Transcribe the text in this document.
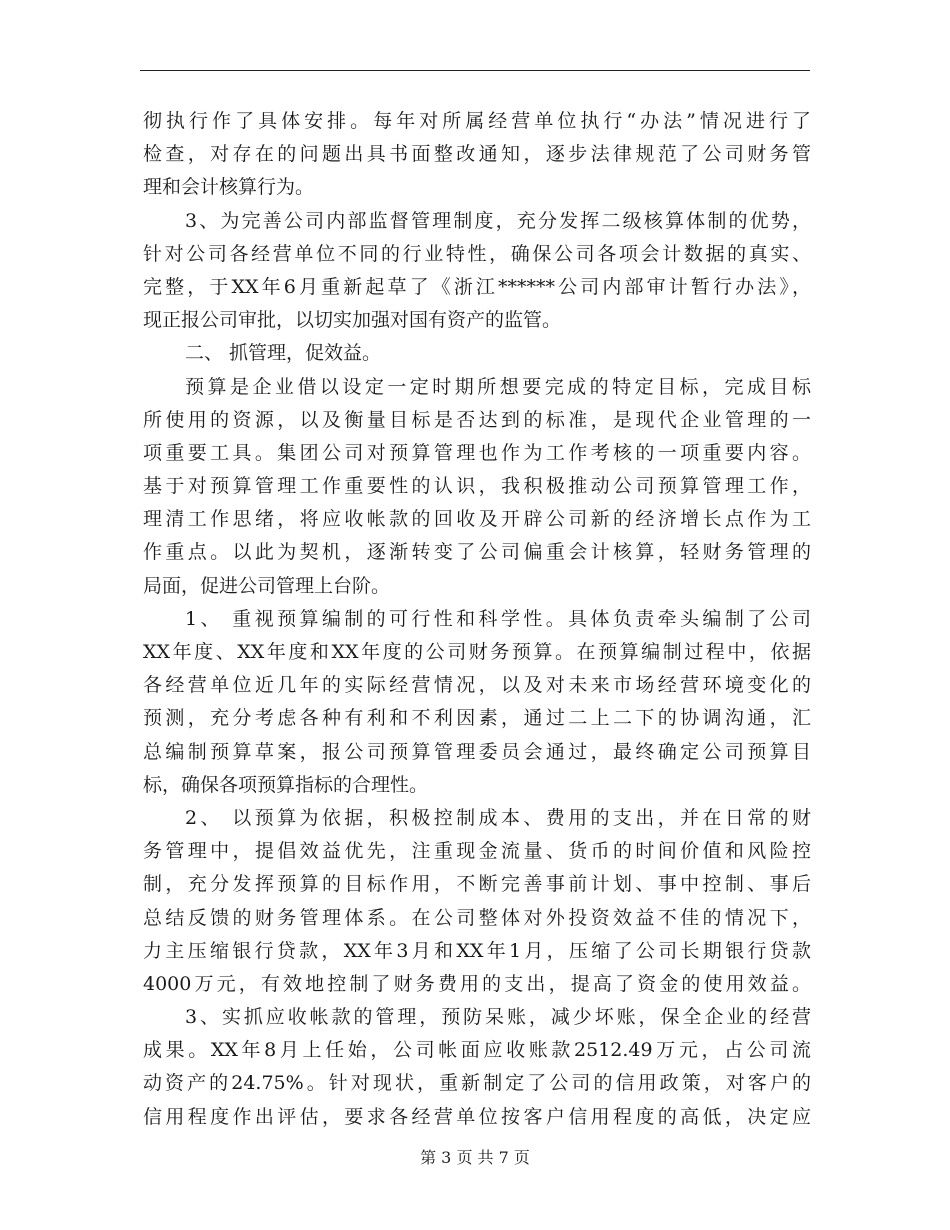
彻执行作了具体安排。每年对所属经营单位执行“办法”情况进行了
检查，对存在的问题出具书面整改通知，逐步法律规范了公司财务管
理和会计核算行为。
3、为完善公司内部监督管理制度，充分发挥二级核算体制的优势，
针对公司各经营单位不同的行业特性，确保公司各项会计数据的真实、
完整，于XX年6月重新起草了《浙江******公司内部审计暂行办法》，
现正报公司审批，以切实加强对国有资产的监管。
二、 抓管理，促效益。
预算是企业借以设定一定时期所想要完成的特定目标，完成目标
所使用的资源，以及衡量目标是否达到的标准，是现代企业管理的一
项重要工具。集团公司对预算管理也作为工作考核的一项重要内容。
基于对预算管理工作重要性的认识，我积极推动公司预算管理工作，
理清工作思绪，将应收帐款的回收及开辟公司新的经济增长点作为工
作重点。以此为契机，逐渐转变了公司偏重会计核算，轻财务管理的
局面，促进公司管理上台阶。
1、 重视预算编制的可行性和科学性。具体负责牵头编制了公司
XX年度、XX年度和XX年度的公司财务预算。在预算编制过程中，依据
各经营单位近几年的实际经营情况，以及对未来市场经营环境变化的
预测，充分考虑各种有利和不利因素，通过二上二下的协调沟通，汇
总编制预算草案，报公司预算管理委员会通过，最终确定公司预算目
标，确保各项预算指标的合理性。
2、 以预算为依据，积极控制成本、费用的支出，并在日常的财
务管理中，提倡效益优先，注重现金流量、货币的时间价值和风险控
制，充分发挥预算的目标作用，不断完善事前计划、事中控制、事后
总结反馈的财务管理体系。在公司整体对外投资效益不佳的情况下，
力主压缩银行贷款，XX年3月和XX年1月，压缩了公司长期银行贷款
4000万元，有效地控制了财务费用的支出，提高了资金的使用效益。
3、实抓应收帐款的管理，预防呆账，减少坏账，保全企业的经营
成果。XX年8月上任始，公司帐面应收账款2512.49万元，占公司流
动资产的24.75%。针对现状，重新制定了公司的信用政策，对客户的
信用程度作出评估，要求各经营单位按客户信用程度的高低，决定应
第 3 页 共 7 页
